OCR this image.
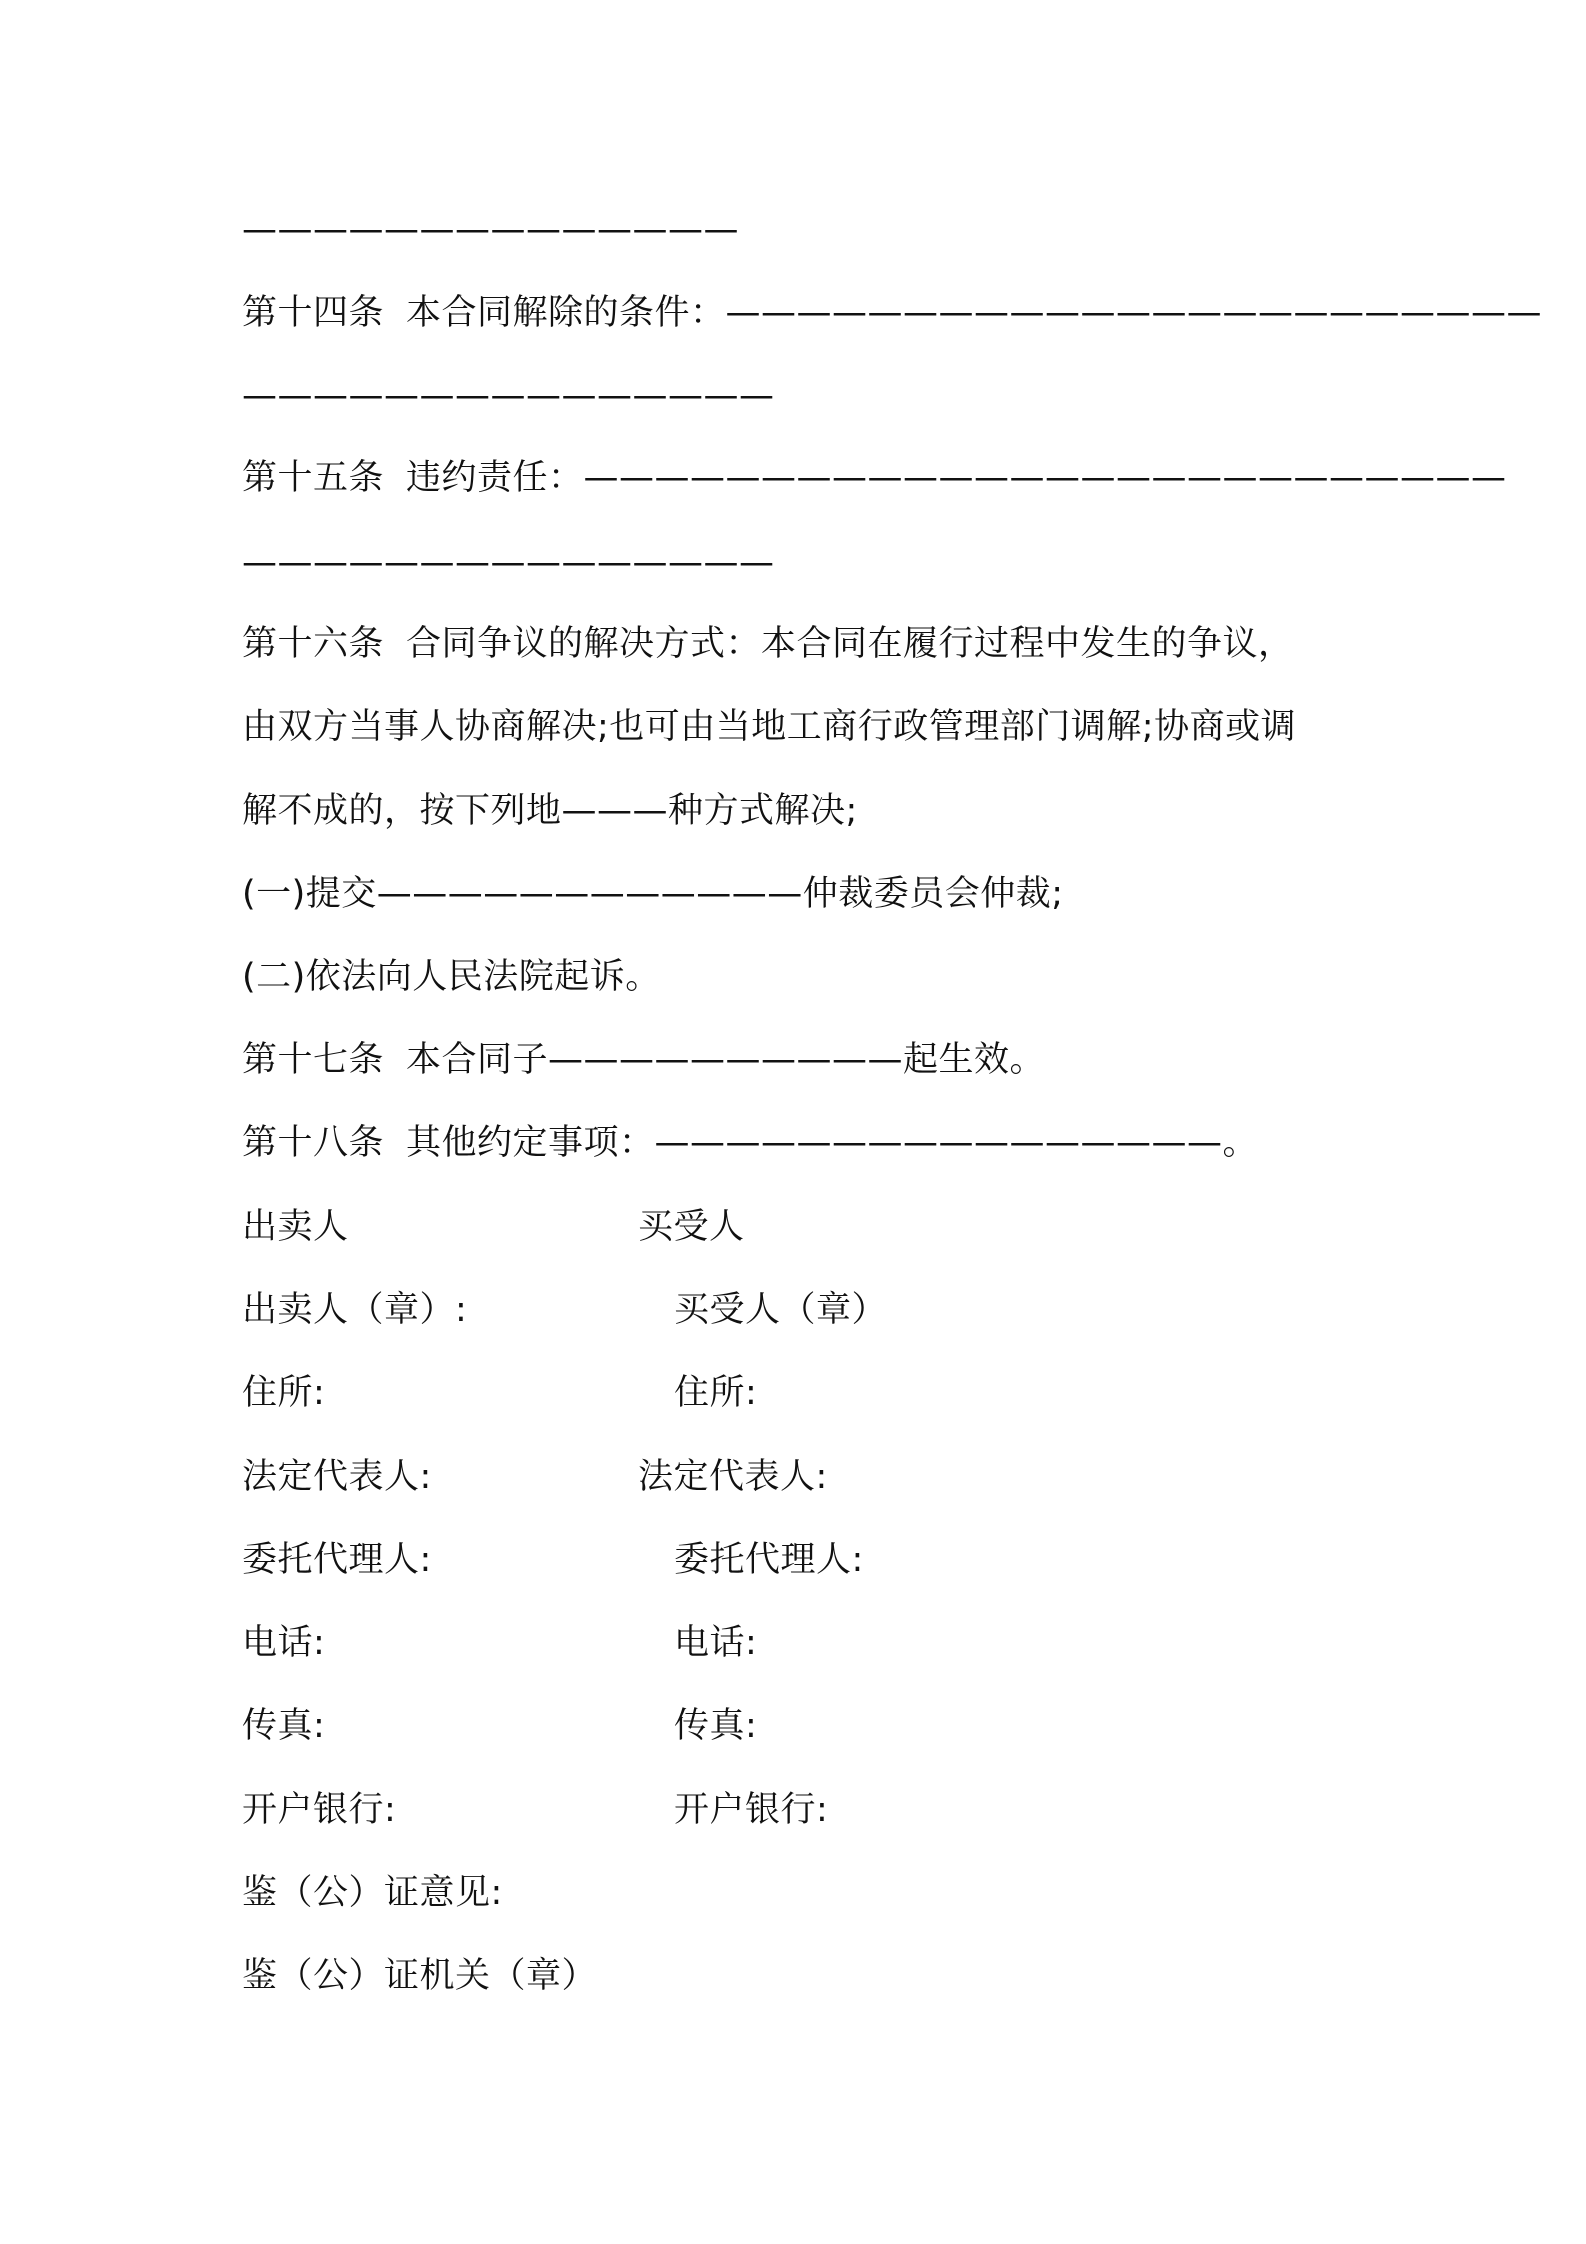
——————————————
第十四条 本合同解除的条件：———————————————————————
———————————————
第十五条 违约责任：——————————————————————————
———————————————
第十六条 合同争议的解决方式：本合同在履行过程中发生的争议，
由双方当事人协商解决;也可由当地工商行政管理部门调解;协商或调
解不成的，按下列地———种方式解决;
(一)提交————————————仲裁委员会仲裁;
(二)依法向人民法院起诉。
第十七条 本合同子——————————起生效。
第十八条 其他约定事项：————————————————。
出卖人	买受人
出卖人（章）:	买受人（章）
住所:	住所:
法定代表人:	法定代表人:
委托代理人:	委托代理人:
电话:	电话:
传真:	传真:
开户银行:	开户银行:
鉴（公）证意见:
鉴（公）证机关（章）
